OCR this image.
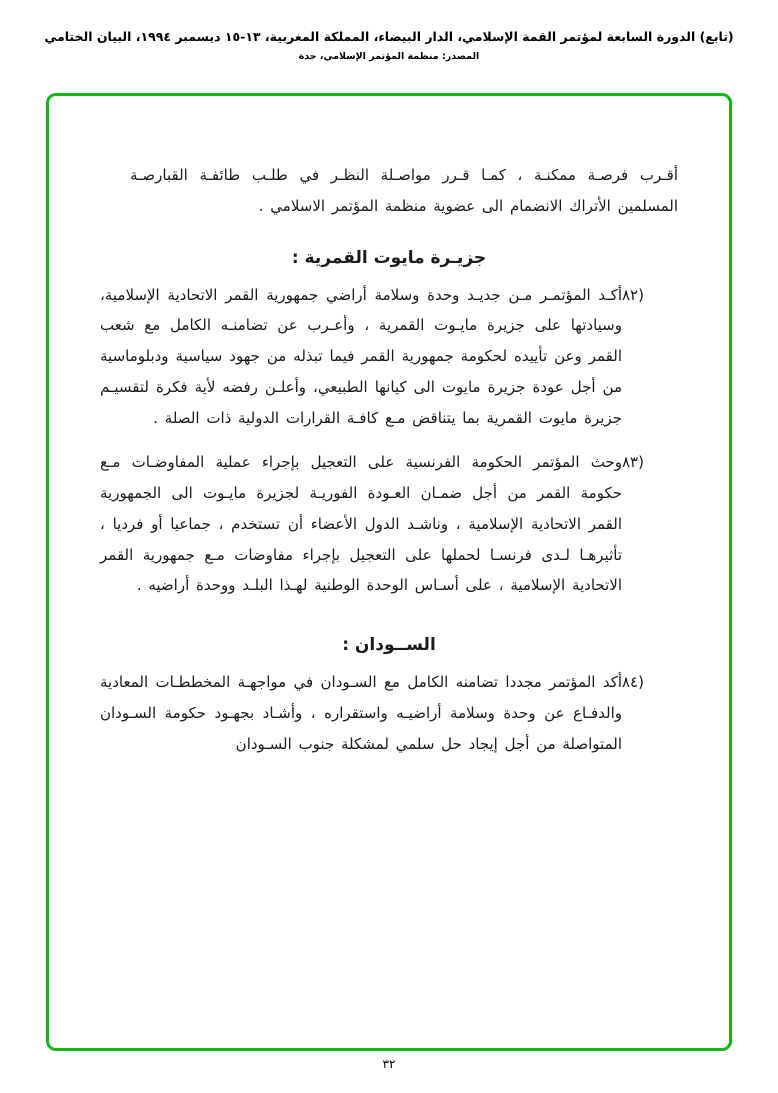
(تابع) الدورة السابعة لمؤتمر القمة الإسلامي، الدار البيضاء، المملكة المغربية، ١٣-١٥ ديسمبر ١٩٩٤، البيان الختامي
المصدر: منظمة المؤتمر الإسلامي، جدة

أقـرب فرصـة ممكنـة ، كمـا قـرر مواصـلة النظـر في طلـب طائفـة القبارصـة المسلمين الأتراك الانضمام الى عضوية منظمة المؤتمر الاسلامي .

جزيـرة مايوت القمرية :
(٨٢
أكـد المؤتمـر مـن جديـد وحدة وسلامة أراضي جمهورية القمر الاتحادية الإسلامية، وسيادتها على جزيرة مايـوت القمرية ، وأعـرب عن تضامنـه الكامل مع شعب القمر وعن تأييده لحكومة جمهورية القمر فيما تبذله من جهود سياسية ودبلوماسية من أجل عودة جزيرة مايوت الى كيانها الطبيعي، وأعلـن رفضه لأية فكرة لتقسيـم جزيرة مايوت القمرية بما يتناقض مـع كافـة القرارات الدولية ذات الصلة .
(٨٣
وحث المؤتمر الحكومة الفرنسية على التعجيل بإجراء عملية المفاوضـات مـع حكومة القمر من أجل ضمـان العـودة الفوريـة لجزيرة مايـوت الى الجمهورية القمر الاتحادية الإسلامية ، وناشـد الدول الأعضاء أن تستخدم ، جماعيا أو فرديا ، تأثيرهـا لـدى فرنسـا لحملها على التعجيل بإجراء مفاوضات مـع جمهورية القمر الاتحادية الإسلامية ، على أسـاس الوحدة الوطنية لهـذا البلـد ووحدة أراضيه .
الســودان :
(٨٤
أكد المؤتمر مجددا تضامنه الكامل مع السـودان في مواجهـة المخططـات المعادية والدفـاع عن وحدة وسلامة أراضيـه واستقراره ، وأشـاد بجهـود حكومة السـودان المتواصلة من أجل إيجاد حل سلمي لمشكلة جنوب السـودان
٣٢
